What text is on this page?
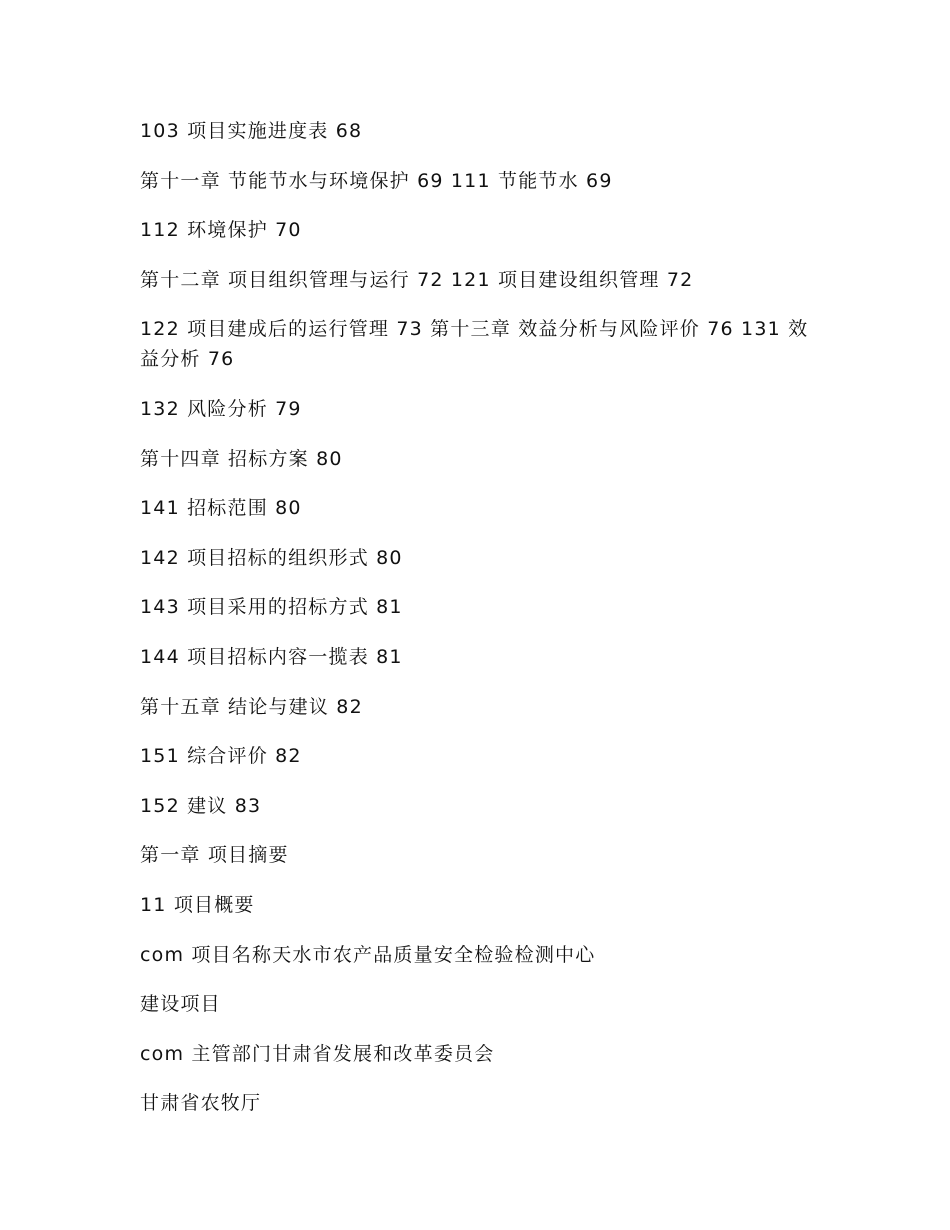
103 项目实施进度表 68
第十一章 节能节水与环境保护 69 111 节能节水 69
112 环境保护 70
第十二章 项目组织管理与运行 72 121 项目建设组织管理 72
122 项目建成后的运行管理 73 第十三章 效益分析与风险评价 76 131 效益分析 76
132 风险分析 79
第十四章 招标方案 80
141 招标范围 80
142 项目招标的组织形式 80
143 项目采用的招标方式 81
144 项目招标内容一揽表 81
第十五章 结论与建议 82
151 综合评价 82
152 建议 83
第一章 项目摘要
11 项目概要
com 项目名称天水市农产品质量安全检验检测中心
建设项目
com 主管部门甘肃省发展和改革委员会
甘肃省农牧厅
